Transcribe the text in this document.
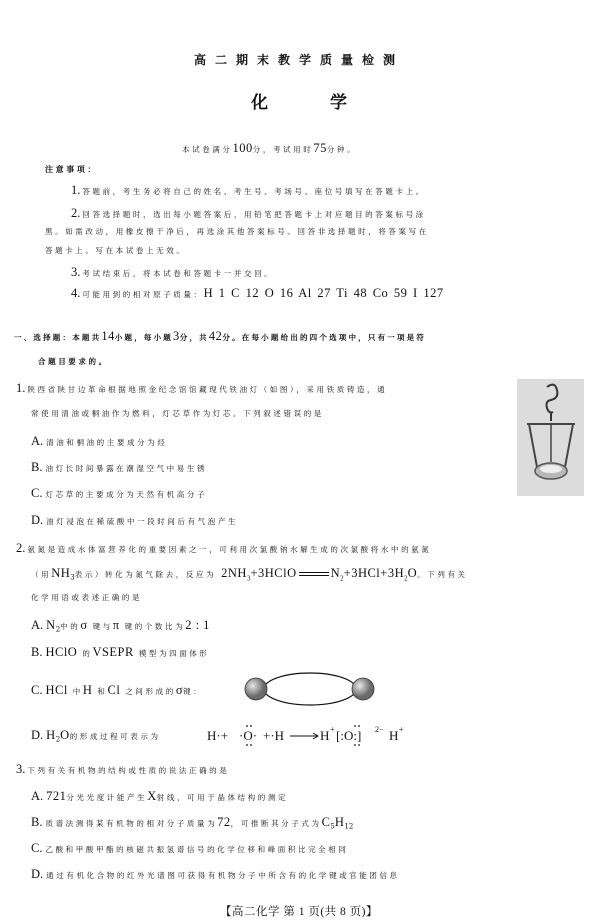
高二期末教学质量检测
化学
本试卷满分100分，考试用时75分钟。
注意事项：
1. 答题前，考生务必将自己的姓名、考生号、考场号、座位号填写在答题卡上。
2. 回答选择题时，选出每小题答案后，用铅笔把答题卡上对应题目的答案标号涂
黑。如需改动，用橡皮擦干净后，再选涂其他答案标号。回答非选择题时，将答案写在
答题卡上。写在本试卷上无效。
3. 考试结束后，将本试卷和答题卡一并交回。
4. 可能用到的相对原子质量：H 1 C 12 O 16 Al 27 Ti 48 Co 59 I 127
一、选择题：本题共14小题，每小题3分，共42分。在每小题给出的四个选项中，只有一项是符
合题目要求的。
1. 陕西省陕甘边革命根据地照金纪念馆馆藏现代铁油灯（如图），采用铁质铸造，通
常使用清油或桐油作为燃料，灯芯草作为灯芯。下列叙述错误的是
A. 清油和桐油的主要成分为烃
B. 油灯长时间暴露在潮湿空气中易生锈
C. 灯芯草的主要成分为天然有机高分子
D. 油灯浸泡在稀硫酸中一段时间后有气泡产生
2. 氨氮是造成水体富营养化的重要因素之一，可利用次氯酸钠水解生成的次氯酸将水中的氨氮
（用$NH_3$表示）转化为氮气除去，反应为 $2NH_3+3HClO$	$N_2+3HCl+3H_2O$。下列有关
化学用语或表述正确的是
A. $N_2$中的σ 键与π 键的个数比为2 : 1
B. HClO 的VSEPR 模型为四面体形
C. HCl 中H 和Cl 之间形成的σ键：
D. $H_2O$的形成过程可表示为	H·+ ·O· +·H	H + [:O:] 2− H +
3. 下列有关有机物的结构或性质的说法正确的是
A. 721分光光度计能产生X射线，可用于晶体结构的测定
B. 质谱法测得某有机物的相对分子质量为72，可推断其分子式为$C_5H_{12}$
C. 乙酸和甲酸甲酯的核磁共振氢谱信号的化学位移和峰面积比完全相同
D. 通过有机化合物的红外光谱图可获得有机物分子中所含有的化学键或官能团信息
【高二化学 第 1 页(共 8 页)】
